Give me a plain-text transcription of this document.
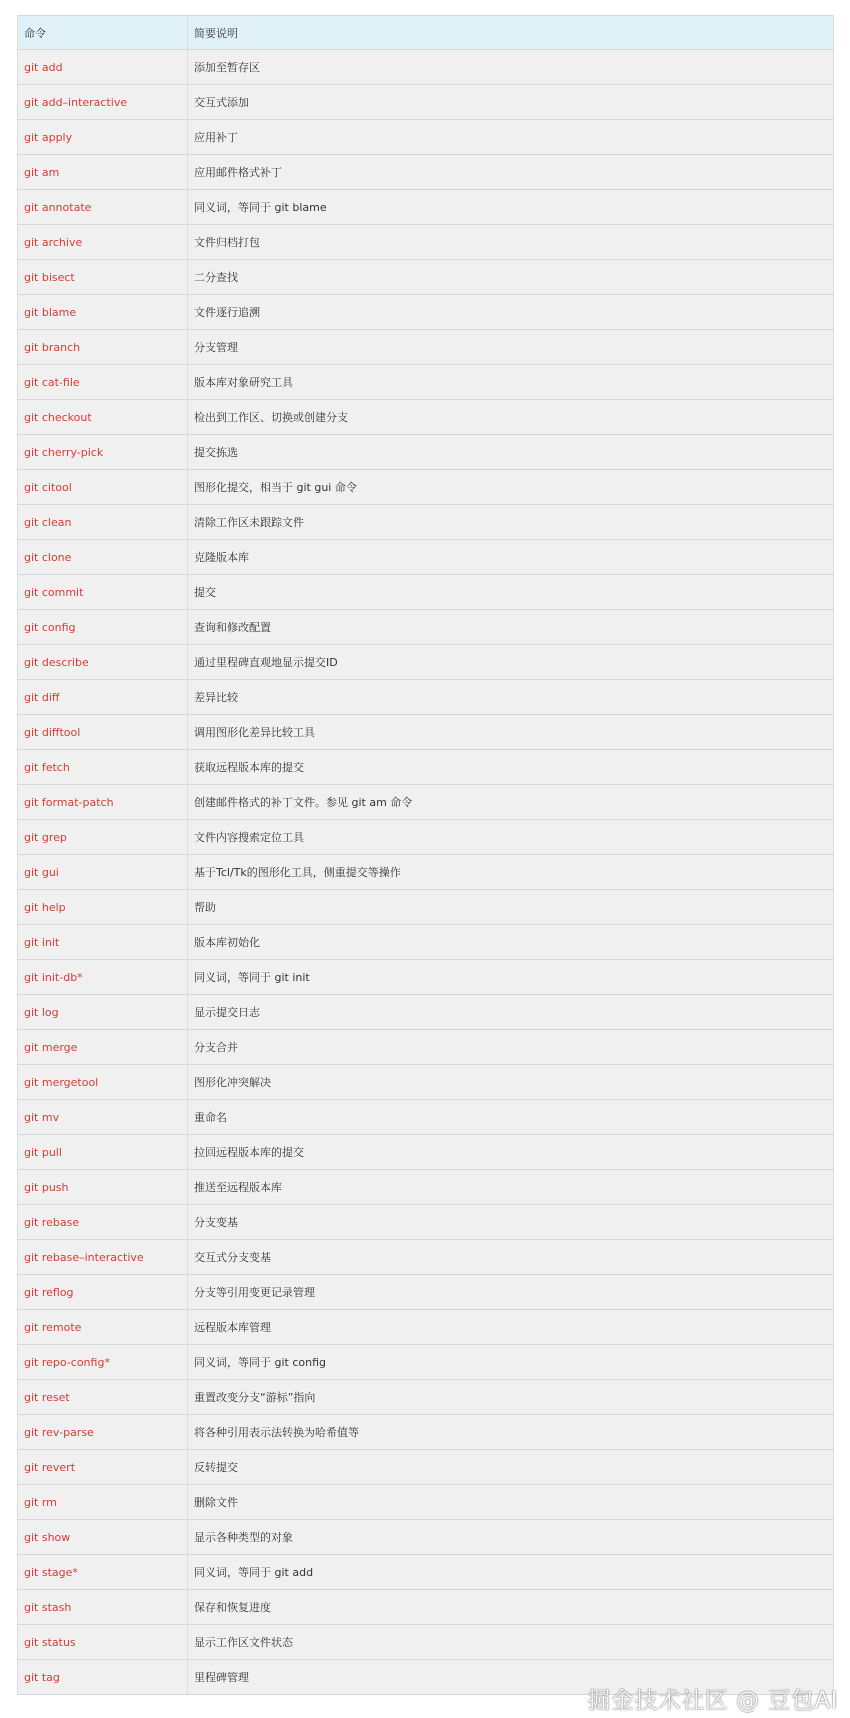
命令	简要说明
git add	添加至暂存区
git add–interactive	交互式添加
git apply	应用补丁
git am	应用邮件格式补丁
git annotate	同义词，等同于 git blame
git archive	文件归档打包
git bisect	二分查找
git blame	文件逐行追溯
git branch	分支管理
git cat-file	版本库对象研究工具
git checkout	检出到工作区、切换或创建分支
git cherry-pick	提交拣选
git citool	图形化提交，相当于 git gui 命令
git clean	清除工作区未跟踪文件
git clone	克隆版本库
git commit	提交
git config	查询和修改配置
git describe	通过里程碑直观地显示提交ID
git diff	差异比较
git difftool	调用图形化差异比较工具
git fetch	获取远程版本库的提交
git format-patch	创建邮件格式的补丁文件。参见 git am 命令
git grep	文件内容搜索定位工具
git gui	基于Tcl/Tk的图形化工具，侧重提交等操作
git help	帮助
git init	版本库初始化
git init-db*	同义词，等同于 git init
git log	显示提交日志
git merge	分支合并
git mergetool	图形化冲突解决
git mv	重命名
git pull	拉回远程版本库的提交
git push	推送至远程版本库
git rebase	分支变基
git rebase–interactive	交互式分支变基
git reflog	分支等引用变更记录管理
git remote	远程版本库管理
git repo-config*	同义词，等同于 git config
git reset	重置改变分支“游标”指向
git rev-parse	将各种引用表示法转换为哈希值等
git revert	反转提交
git rm	删除文件
git show	显示各种类型的对象
git stage*	同义词，等同于 git add
git stash	保存和恢复进度
git status	显示工作区文件状态
git tag	里程碑管理
掘金技术社区 @ 豆包AI
